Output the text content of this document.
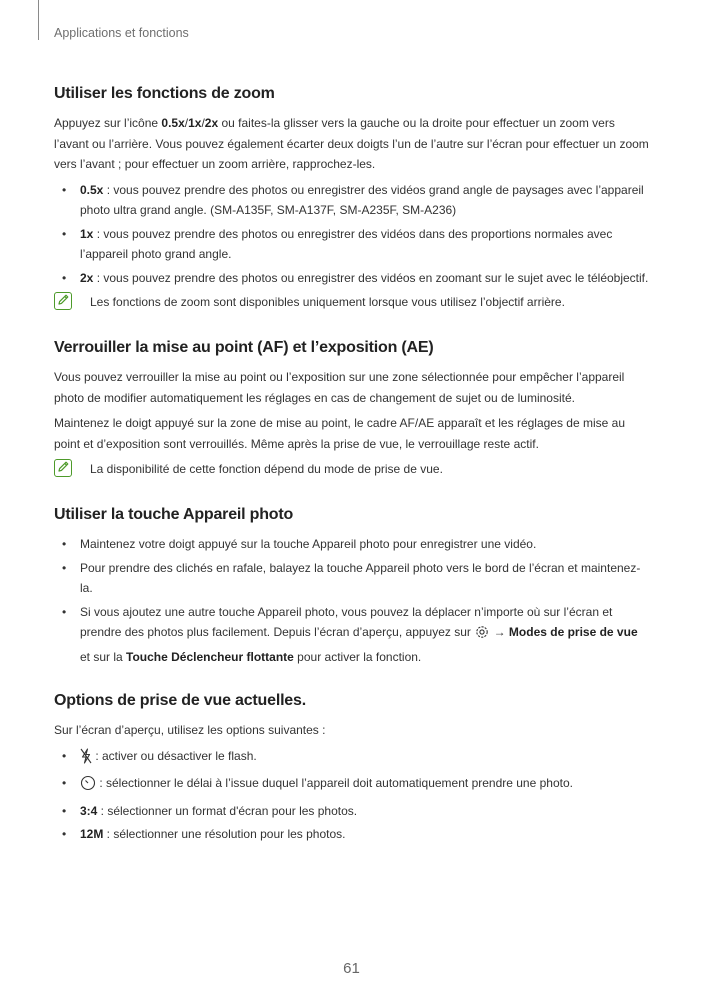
Applications et fonctions
Utiliser les fonctions de zoom

Appuyez sur l’icône 0.5x/1x/2x ou faites-la glisser vers la gauche ou la droite pour effectuer un zoom vers l’avant ou l’arrière. Vous pouvez également écarter deux doigts l’un de l’autre sur l’écran pour effectuer un zoom vers l’avant ; pour effectuer un zoom arrière, rapprochez-les.

• 0.5x : vous pouvez prendre des photos ou enregistrer des vidéos grand angle de paysages avec l’appareil photo ultra grand angle. (SM-A135F, SM-A137F, SM-A235F, SM-A236)
• 1x : vous pouvez prendre des photos ou enregistrer des vidéos dans des proportions normales avec l’appareil photo grand angle.
• 2x : vous pouvez prendre des photos ou enregistrer des vidéos en zoomant sur le sujet avec le téléobjectif.
Les fonctions de zoom sont disponibles uniquement lorsque vous utilisez l’objectif arrière.
Verrouiller la mise au point (AF) et l’exposition (AE)

Vous pouvez verrouiller la mise au point ou l’exposition sur une zone sélectionnée pour empêcher l’appareil photo de modifier automatiquement les réglages en cas de changement de sujet ou de luminosité.

Maintenez le doigt appuyé sur la zone de mise au point, le cadre AF/AE apparaît et les réglages de mise au point et d’exposition sont verrouillés. Même après la prise de vue, le verrouillage reste actif.

La disponibilité de cette fonction dépend du mode de prise de vue.
Utiliser la touche Appareil photo
• Maintenez votre doigt appuyé sur la touche Appareil photo pour enregistrer une vidéo.
• Pour prendre des clichés en rafale, balayez la touche Appareil photo vers le bord de l’écran et maintenez-la.
• Si vous ajoutez une autre touche Appareil photo, vous pouvez la déplacer n’importe où sur l’écran et prendre des photos plus facilement. Depuis l’écran d’aperçu, appuyez sur  → Modes de prise de vue et sur la Touche Déclencheur flottante pour activer la fonction.
Options de prise de vue actuelles.

Sur l’écran d’aperçu, utilisez les options suivantes :

• : activer ou désactiver le flash.
• : sélectionner le délai à l’issue duquel l’appareil doit automatiquement prendre une photo.
• 3:4 : sélectionner un format d'écran pour les photos.
• 12M : sélectionner une résolution pour les photos.
61
